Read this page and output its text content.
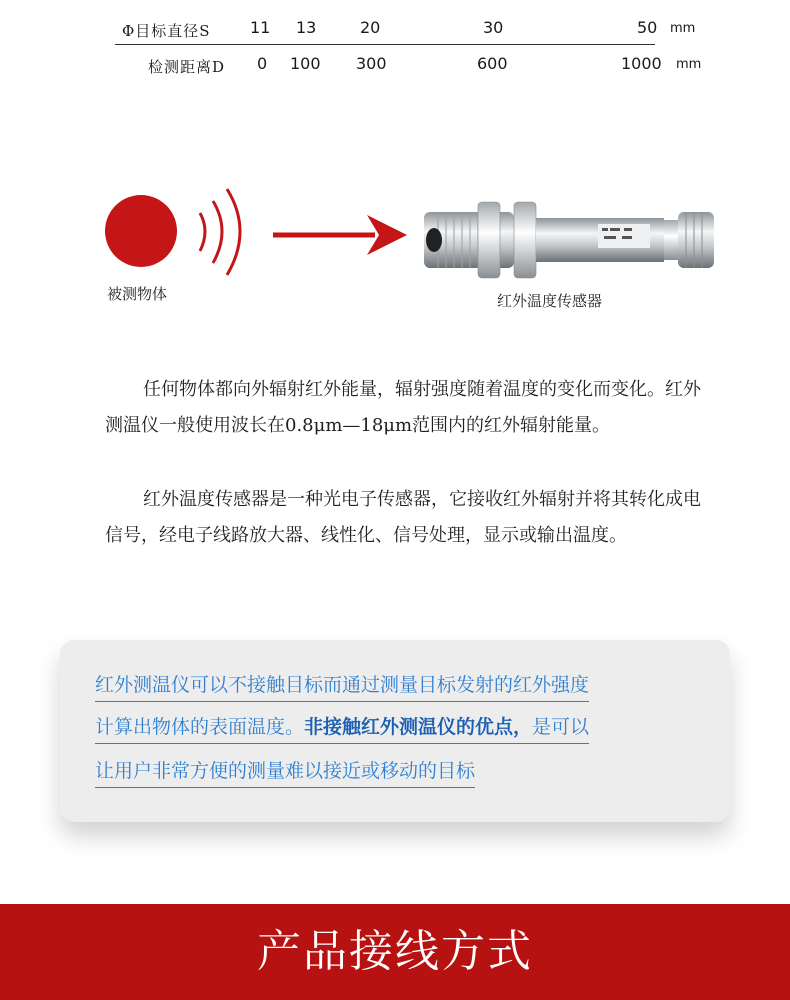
Φ目标直径S 11 13	20	30	50 mm
检测距离D 0 100 300	600	1000 mm
被测物体	红外温度传感器

任何物体都向外辐射红外能量，辐射强度随着温度的变化而变化。红外测温仪一般使用波长在0.8μm—18μm范围内的红外辐射能量。

红外温度传感器是一种光电子传感器，它接收红外辐射并将其转化成电信号，经电子线路放大器、线性化、信号处理，显示或输出温度。

红外测温仪可以不接触目标而通过测量目标发射的红外强度
计算出物体的表面温度。非接触红外测温仪的优点，是可以
让用户非常方便的测量难以接近或移动的目标
产品接线方式
